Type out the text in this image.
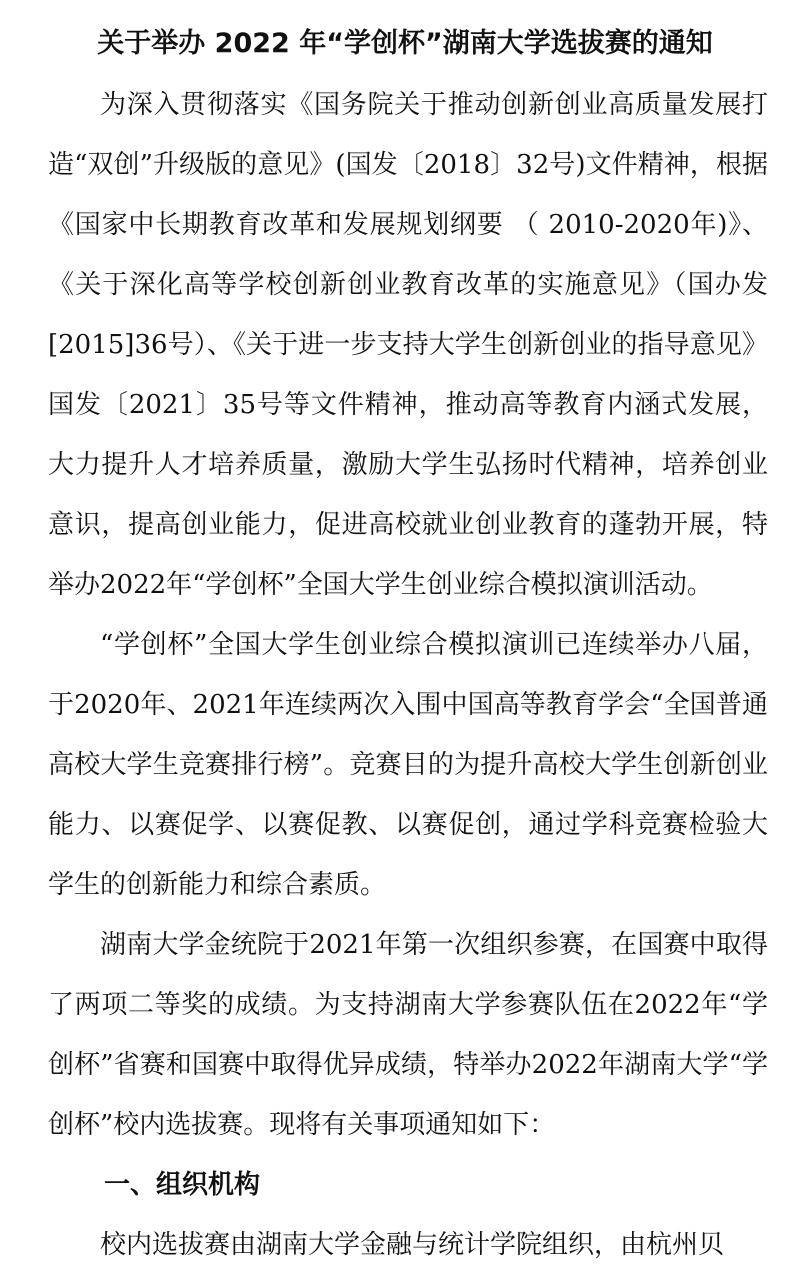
关于举办 2022 年“学创杯”湖南大学选拔赛的通知

为深入贯彻落实《国务院关于推动创新创业高质量发展打造“双创”升级版的意见》(国发〔2018〕32号)文件精神，根据《国家中长期教育改革和发展规划纲要 （ 2010-2020年)》、《关于深化高等学校创新创业教育改革的实施意见》（国办发[2015]36号）、《关于进一步支持大学生创新创业的指导意见》国发〔2021〕35号等文件精神，推动高等教育内涵式发展，大力提升人才培养质量，激励大学生弘扬时代精神，培养创业意识，提高创业能力，促进高校就业创业教育的蓬勃开展，特举办2022年“学创杯”全国大学生创业综合模拟演训活动。

“学创杯”全国大学生创业综合模拟演训已连续举办八届，于2020年、2021年连续两次入围中国高等教育学会“全国普通高校大学生竞赛排行榜”。竞赛目的为提升高校大学生创新创业能力、以赛促学、以赛促教、以赛促创，通过学科竞赛检验大学生的创新能力和综合素质。

湖南大学金统院于2021年第一次组织参赛，在国赛中取得了两项二等奖的成绩。为支持湖南大学参赛队伍在2022年“学创杯”省赛和国赛中取得优异成绩，特举办2022年湖南大学“学创杯”校内选拔赛。现将有关事项通知如下：

一、组织机构

校内选拔赛由湖南大学金融与统计学院组织，由杭州贝
